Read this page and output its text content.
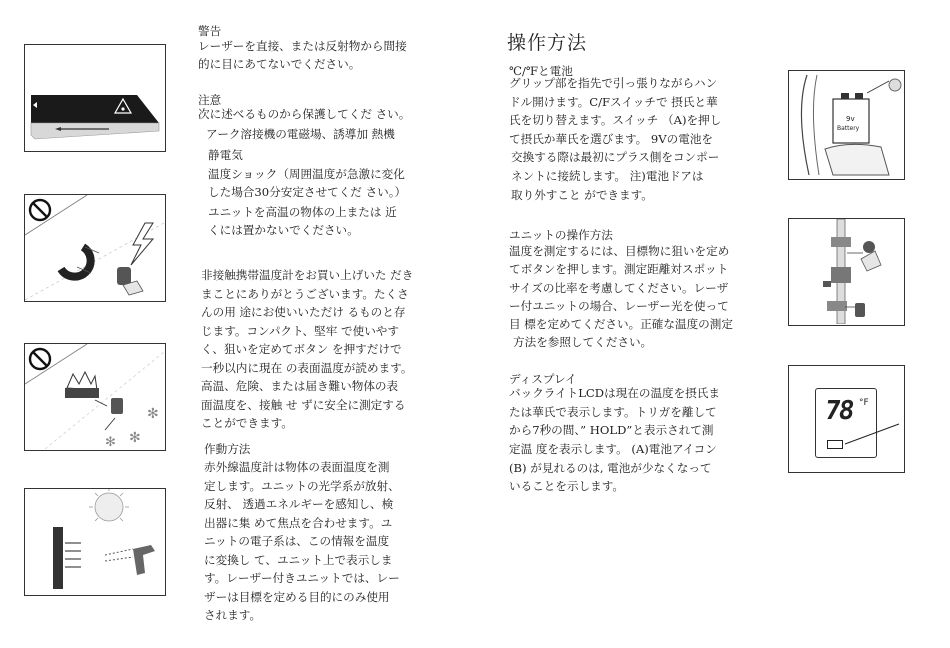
✻
✻
✻

警告

レーザーを直接、または反射物から間接

的に目にあてないでください。

注意

次に述べるものから保護してくだ さい。

アーク溶接機の電磁場、誘導加 熱機

静電気

温度ショック（周囲温度が急激に変化

した場合30分安定させてくだ さい。）

ユニットを高温の物体の上または 近

くには置かないでください。

非接触携帯温度計をお買い上げいた だき

まことにありがとうございます。たくさ

んの用 途にお使いいただけ るものと存

じます。コンパクト、堅牢 で使いやす

く、狙いを定めてボタン を押すだけで

一秒以内に現在 の表面温度が読めます。

高温、危険、または届き難い物体の表

面温度を、接触 せ ずに安全に測定する

ことができます。

作動方法

赤外線温度計は物体の表面温度を測

定します。ユニットの光学系が放射、

反射、 透過エネルギーを感知し、検

出器に集 めて焦点を合わせます。ユ

ニットの電子系は、この情報を温度

に変換し て、ユニット上で表示しま

す。レーザー付きユニットでは、レー

ザーは目標を定める目的にのみ使用

されます。

操作方法

℃/℉と電池

グリップ部を指先で引っ張りながらハン

ドル開けます。C/Fスイッチで 摂氏と華

氏を切り替えます。スイッチ （A)を押し

て摂氏か華氏を選びます。 9Vの電池を

交換する際は最初にプラス側をコンポー

ネントに接続します。 注)電池ドアは

取り外すこと ができます。

ユニットの操作方法

温度を測定するには、目標物に狙いを定め

てボタンを押します。測定距離対スポット

サイズの比率を考慮してください。レーザ

ー付ユニットの場合、レーザー光を使って

目 標を定めてください。正確な温度の測定

方法を参照してください。

ディスプレイ

バックライトLCDは現在の温度を摂氏ま

たは華氏で表示します。トリガを離して

から7秒の間、” HOLD”と表示されて測

定温 度を表示します。 (A)電池アイコン

(B) が見れるのは, 電池が少なくなって

いることを示します。

9v
Battery
78 °F
